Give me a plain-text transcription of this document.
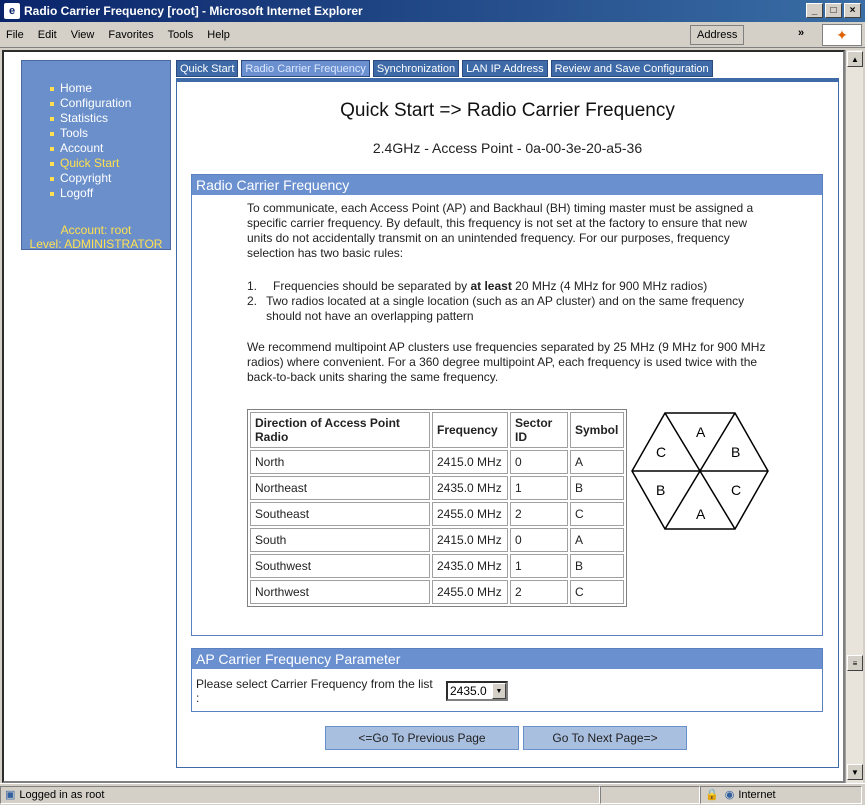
e Radio Carrier Frequency [root] - Microsoft Internet Explorer	_	□	×
File Edit View Favorites Tools Help	Address	»	✦
Home
Configuration
Statistics
Tools
Account
Quick Start
Copyright
Logoff
Account: root
Level: ADMINISTRATOR
Quick Start	Radio Carrier Frequency	Synchronization	LAN IP Address	Review and Save Configuration
Quick Start => Radio Carrier Frequency
2.4GHz - Access Point - 0a-00-3e-20-a5-36
Radio Carrier Frequency

To communicate, each Access Point (AP) and Backhaul (BH) timing master must be assigned a specific carrier frequency. By default, this frequency is not set at the factory to ensure that new units do not accidentally transmit on an unintended frequency. For our purposes, frequency selection has two basic rules:

1.	Frequencies should be separated by at least 20 MHz (4 MHz for 900 MHz radios)
2. Two radios located at a single location (such as an AP cluster) and on the same frequency should not have an overlapping pattern

We recommend multipoint AP clusters use frequencies separated by 25 MHz (9 MHz for 900 MHz radios) where convenient. For a 360 degree multipoint AP, each frequency is used twice with the back-to-back units sharing the same frequency.

Direction of Access Point Radio	Frequency	Sector ID	Symbol
North	2415.0 MHz	0	A
Northeast	2435.0 MHz	1	B
Southeast	2455.0 MHz	2	C
South	2415.0 MHz	0	A
Southwest	2435.0 MHz	1	B
Northwest	2455.0 MHz	2	C
A
C	B
B	C
A
AP Carrier Frequency Parameter
Please select Carrier Frequency from the list :	2435.0	▼
<=Go To Previous Page	Go To Next Page=>
▲
≡
▼
▣ Logged in as root	🔒 ◉ Internet
